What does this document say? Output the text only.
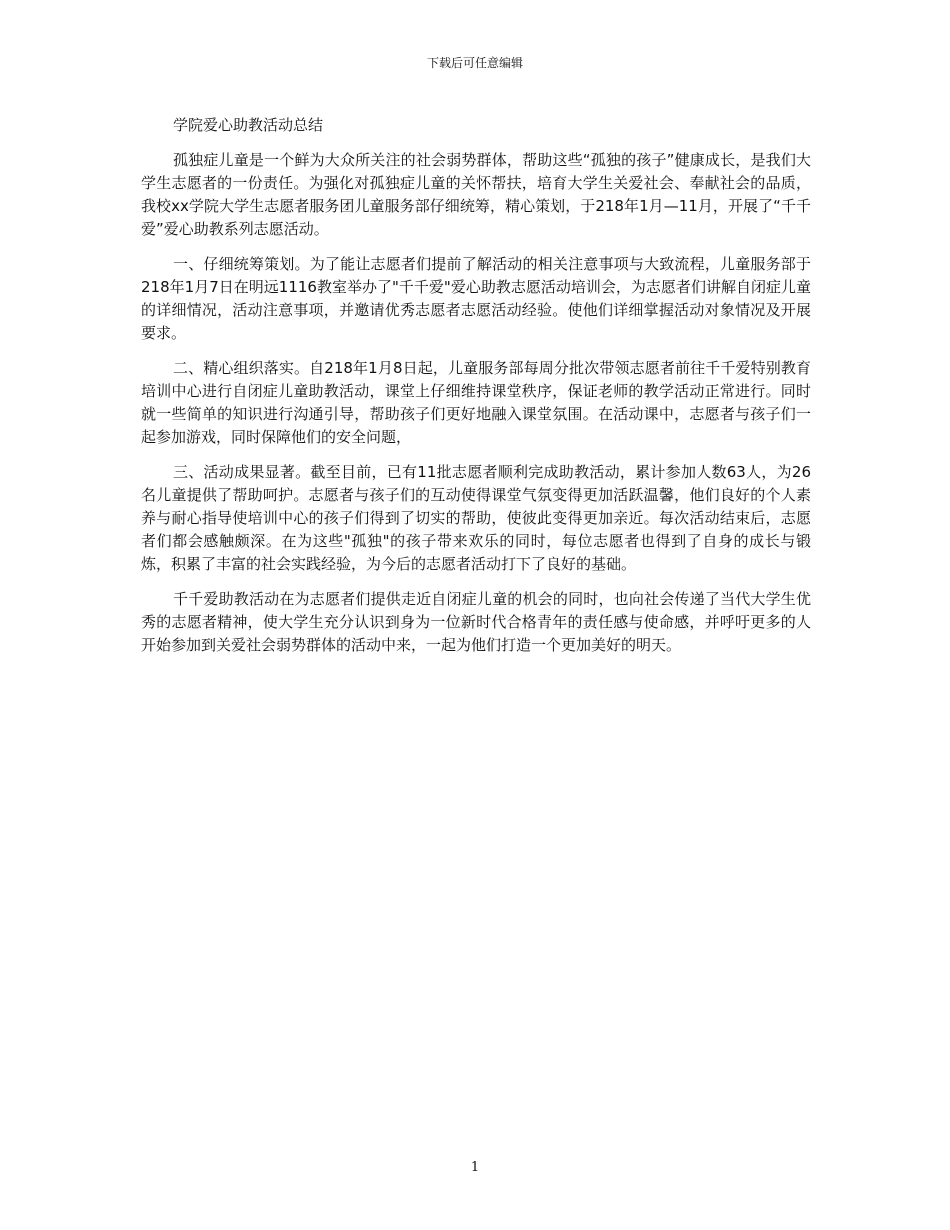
下载后可任意编辑

学院爱心助教活动总结

孤独症儿童是一个鲜为大众所关注的社会弱势群体，帮助这些“孤独的孩子”健康成长，是我们大学生志愿者的一份责任。为强化对孤独症儿童的关怀帮扶，培育大学生关爱社会、奉献社会的品质，我校xx学院大学生志愿者服务团儿童服务部仔细统筹，精心策划，于218年1月—11月，开展了“千千爱”爱心助教系列志愿活动。

一、仔细统筹策划。为了能让志愿者们提前了解活动的相关注意事项与大致流程，儿童服务部于218年1月7日在明远1116教室举办了"千千爱"爱心助教志愿活动培训会，为志愿者们讲解自闭症儿童的详细情况，活动注意事项，并邀请优秀志愿者志愿活动经验。使他们详细掌握活动对象情况及开展要求。

二、精心组织落实。自218年1月8日起，儿童服务部每周分批次带领志愿者前往千千爱特别教育培训中心进行自闭症儿童助教活动，课堂上仔细维持课堂秩序，保证老师的教学活动正常进行。同时就一些简单的知识进行沟通引导，帮助孩子们更好地融入课堂氛围。在活动课中，志愿者与孩子们一起参加游戏，同时保障他们的安全问题，

三、活动成果显著。截至目前，已有11批志愿者顺利完成助教活动，累计参加人数63人，为26名儿童提供了帮助呵护。志愿者与孩子们的互动使得课堂气氛变得更加活跃温馨，他们良好的个人素养与耐心指导使培训中心的孩子们得到了切实的帮助，使彼此变得更加亲近。每次活动结束后，志愿者们都会感触颇深。在为这些"孤独"的孩子带来欢乐的同时，每位志愿者也得到了自身的成长与锻炼，积累了丰富的社会实践经验，为今后的志愿者活动打下了良好的基础。

千千爱助教活动在为志愿者们提供走近自闭症儿童的机会的同时，也向社会传递了当代大学生优秀的志愿者精神，使大学生充分认识到身为一位新时代合格青年的责任感与使命感，并呼吁更多的人开始参加到关爱社会弱势群体的活动中来，一起为他们打造一个更加美好的明天。

1
